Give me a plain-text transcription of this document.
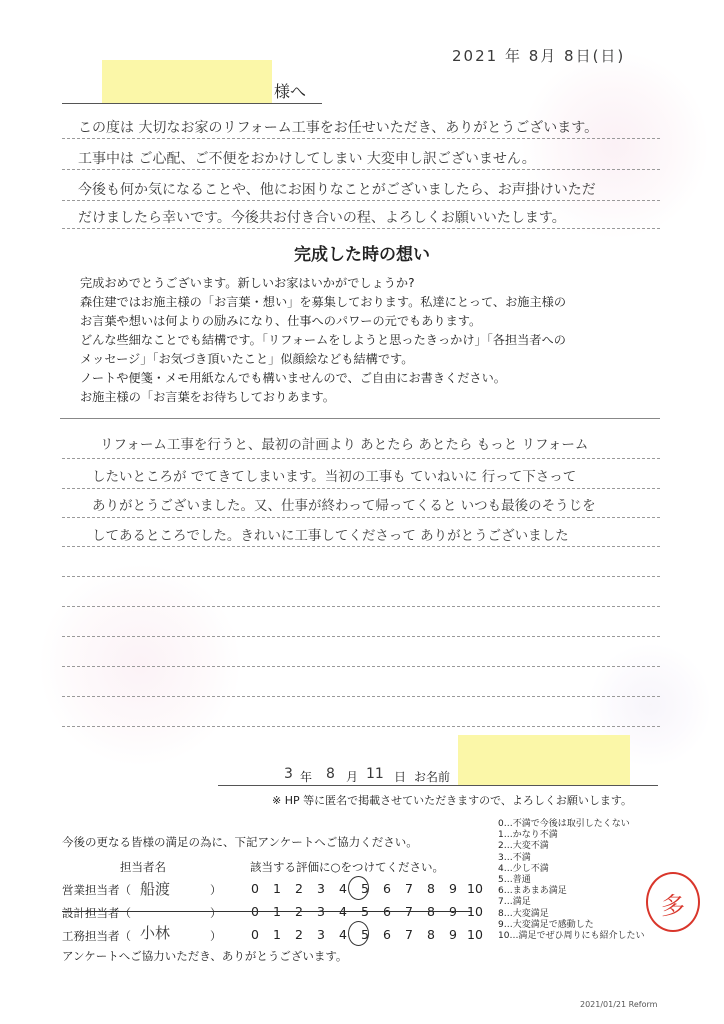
2021 年 8月 8日(日)
様へ
この度は 大切なお家のリフォーム工事をお任せいただき、ありがとうございます。
工事中は ご心配、ご不便をおかけしてしまい 大変申し訳ございません。
今後も何か気になることや、他にお困りなことがございましたら、お声掛けいただ
だけましたら幸いです。今後共お付き合いの程、よろしくお願いいたします。
完成した時の想い
完成おめでとうございます。新しいお家はいかがでしょうか?
森住建ではお施主様の「お言葉・想い」を募集しております。私達にとって、お施主様の
お言葉や想いは何よりの励みになり、仕事へのパワーの元でもあります。
どんな些細なことでも結構です。「リフォームをしようと思ったきっかけ」「各担当者への
メッセージ」「お気づき頂いたこと」似顔絵なども結構です。
ノートや便箋・メモ用紙なんでも構いませんので、ご自由にお書きください。
お施主様の「お言葉をお待ちしておりあます。
リフォーム工事を行うと、最初の計画より あとたら あとたら もっと リフォーム
したいところが でてきてしまいます。当初の工事も ていねいに 行って下さって
ありがとうございました。又、仕事が終わって帰ってくると いつも最後のそうじを
してあるところでした。きれいに工事してくださって ありがとうございました
3 年 8 月 11 日 お名前
※ HP 等に匿名で掲載させていただきますので、よろしくお願いします。
今後の更なる皆様の満足の為に、下記アンケートへご協力ください。
担当者名	該当する評価に○をつけてください。
営業担当者（ 船渡	）	0 1 2 3 4 5 6 7 8 9 10
設計担当者（	）	0 1 2 3 4 5 6 7 8 9 10
工務担当者（ 小林	）	0 1 2 3 4 5 6 7 8 9 10
アンケートへご協力いただき、ありがとうございます。
0…不満で今後は取引したくない
1…かなり不満
2…大変不満
3…不満
4…少し不満
5…普通
6…まあまあ満足
7…満足
8…大変満足
9…大変満足で感動した
10…満足でぜひ周りにも紹介したい
多
2021/01/21 Reform
